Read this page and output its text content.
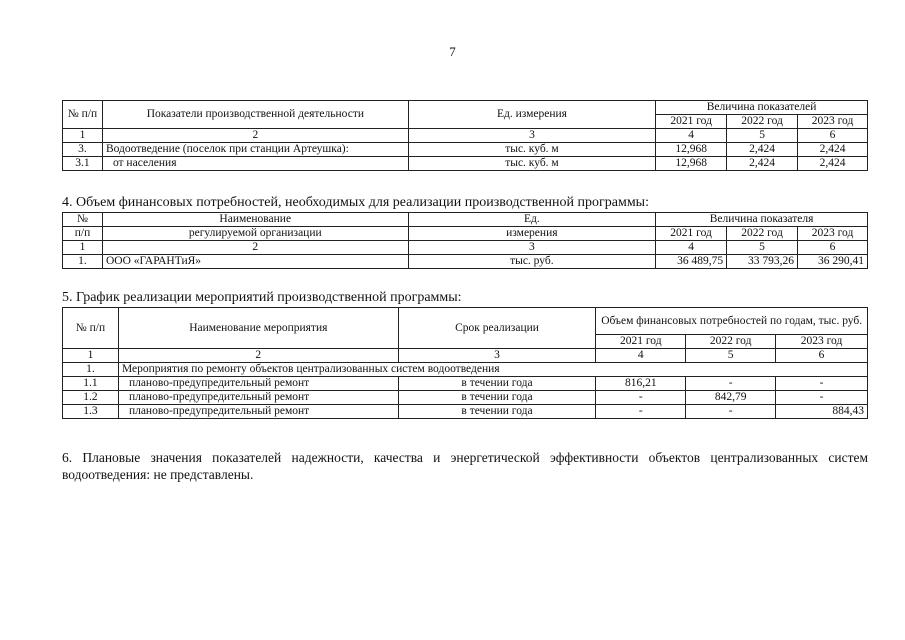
7
№ п/п	Показатели производственной деятельности	Ед. измерения	Величина показателей		
			2021 год	2022 год	2023 год
1	2	3	4	5	6
3.	Водоотведение (поселок при станции Артеушка):	тыс. куб. м	12,968	2,424	2,424
3.1	от населения	тыс. куб. м	12,968	2,424	2,424
4. Объем финансовых потребностей, необходимых для реализации производственной программы:
№	Наименование	Ед.	Величина показателя		
п/п	регулируемой организации	измерения	2021 год	2022 год	2023 год
1	2	3	4	5	6
1.	ООО «ГАРАНТиЯ»	тыс. руб.	36 489,75	33 793,26	36 290,41
5. График реализации мероприятий производственной программы:
№ п/п	Наименование мероприятия	Срок реализации	Объем финансовых потребностей по годам, тыс. руб.		
			2021 год	2022 год	2023 год
1	2	3	4	5	6
1.	Мероприятия по ремонту объектов централизованных систем водоотведения				
1.1	планово-предупредительный ремонт	в течении года	816,21	-	-
1.2	планово-предупредительный ремонт	в течении года	-	842,79	-
1.3	планово-предупредительный ремонт	в течении года	-	-	884,43
6. Плановые значения показателей надежности, качества и энергетической эффективности объектов централизованных систем водоотведения: не представлены.
